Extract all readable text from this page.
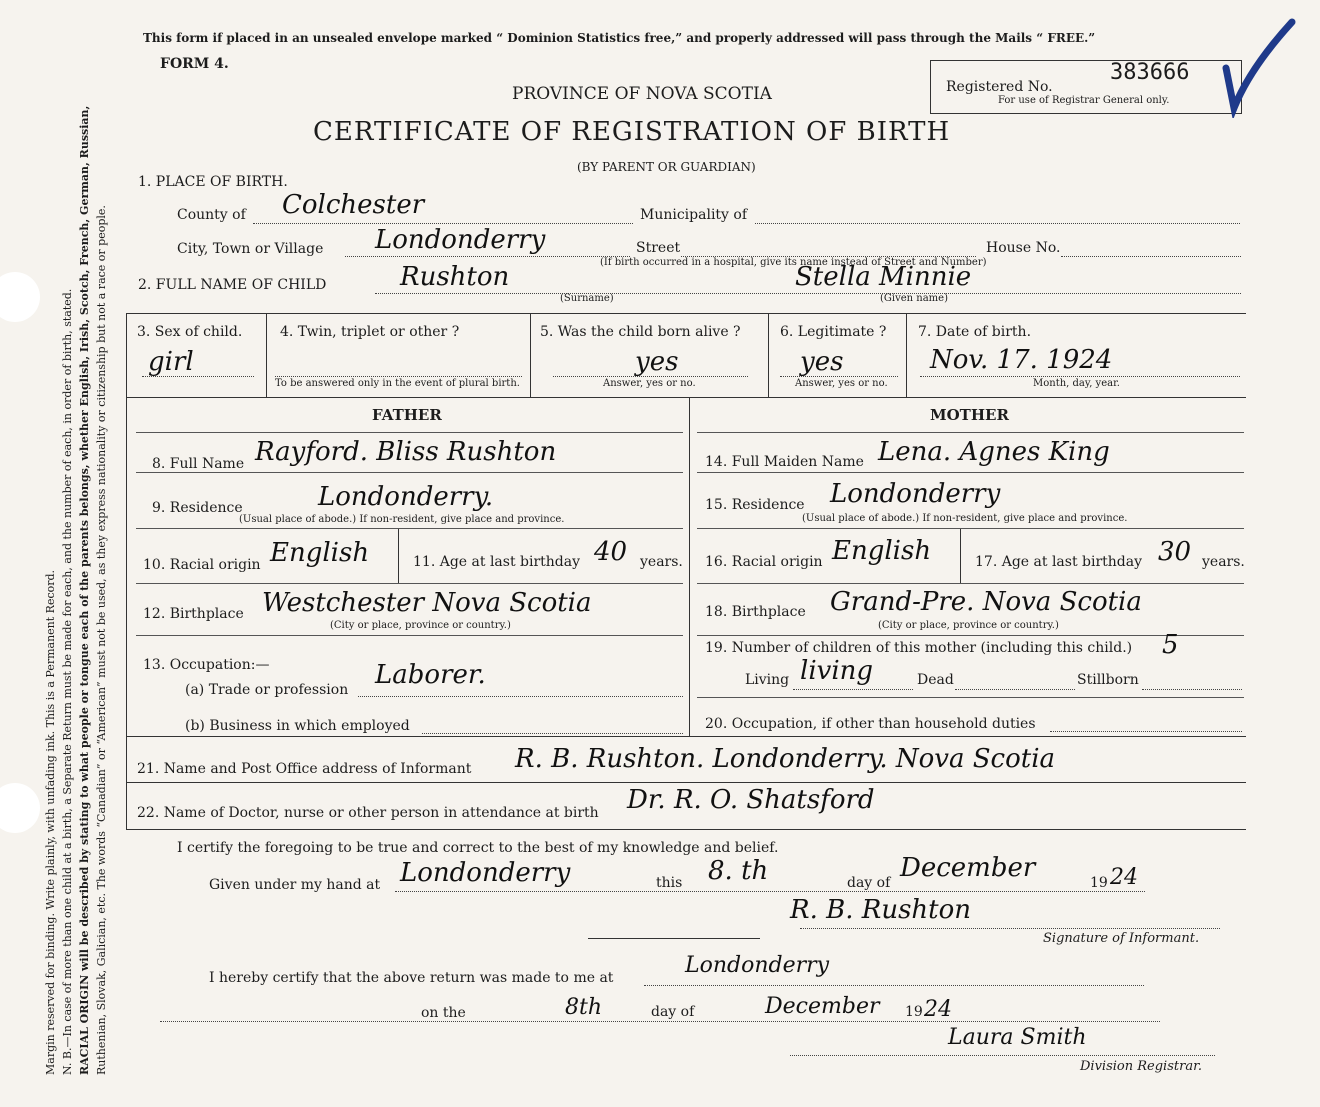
Margin reserved for binding. Write plainly, with unfading ink. This is a Permanent Record. N. B.—In case of more than one child at a birth, a Separate Return must be made for each, and the number of each, in order of birth, stated. RACIAL ORIGIN will be described by stating to what people or tongue each of the parents belongs, whether English, Irish, Scotch, French, German, Russian, Ruthenian, Slovak, Galician, etc. The words “Canadian” or “American” must not be used, as they express nationality or citizenship but not a race or people.
This form if placed in an unsealed envelope marked “ Dominion Statistics free,” and properly addressed will pass through the Mails “ FREE.”
FORM 4.
PROVINCE OF NOVA SCOTIA
CERTIFICATE OF REGISTRATION OF BIRTH
(BY PARENT OR GUARDIAN)
Registered No.
383666
For use of Registrar General only.
1. PLACE OF BIRTH.
County of Colchester	Municipality of
City, Town or Village Londonderry	Street	House No.
(If birth occurred in a hospital, give its name instead of Street and Number)
2. FULL NAME OF CHILD	Rushton	Stella Minnie
(Surname)	(Given name)
3. Sex of child.
girl
4. Twin, triplet or other ?
To be answered only in the event of plural birth.
5. Was the child born alive ?
yes
Answer, yes or no.
6. Legitimate ?
yes
Answer, yes or no.
7. Date of birth.
Nov. 17. 1924
Month, day, year.
FATHER	MOTHER
8. Full Name Rayford. Bliss Rushton
9. Residence	Londonderry.
(Usual place of abode.) If non-resident, give place and province.
10. Racial origin English	11. Age at last birthday 40 years.
12. Birthplace Westchester Nova Scotia
(City or place, province or country.)
13. Occupation:—
(a) Trade or profession Laborer.
(b) Business in which employed
14. Full Maiden Name Lena. Agnes King
15. Residence Londonderry
(Usual place of abode.) If non-resident, give place and province.
16. Racial origin English	17. Age at last birthday 30 years.
18. Birthplace Grand-Pre. Nova Scotia
(City or place, province or country.)
19. Number of children of this mother (including this child.) 5
Living living	Dead	Stillborn
20. Occupation, if other than household duties
21. Name and Post Office address of Informant R. B. Rushton. Londonderry. Nova Scotia
22. Name of Doctor, nurse or other person in attendance at birth Dr. R. O. Shatsford
I certify the foregoing to be true and correct to the best of my knowledge and belief.
Given under my hand at Londonderry	this 8. th	day of December	19 24
R. B. Rushton
Signature of Informant.
I hereby certify that the above return was made to me at	Londonderry
on the	8th	day of	December 19 24
Laura Smith
Division Registrar.
